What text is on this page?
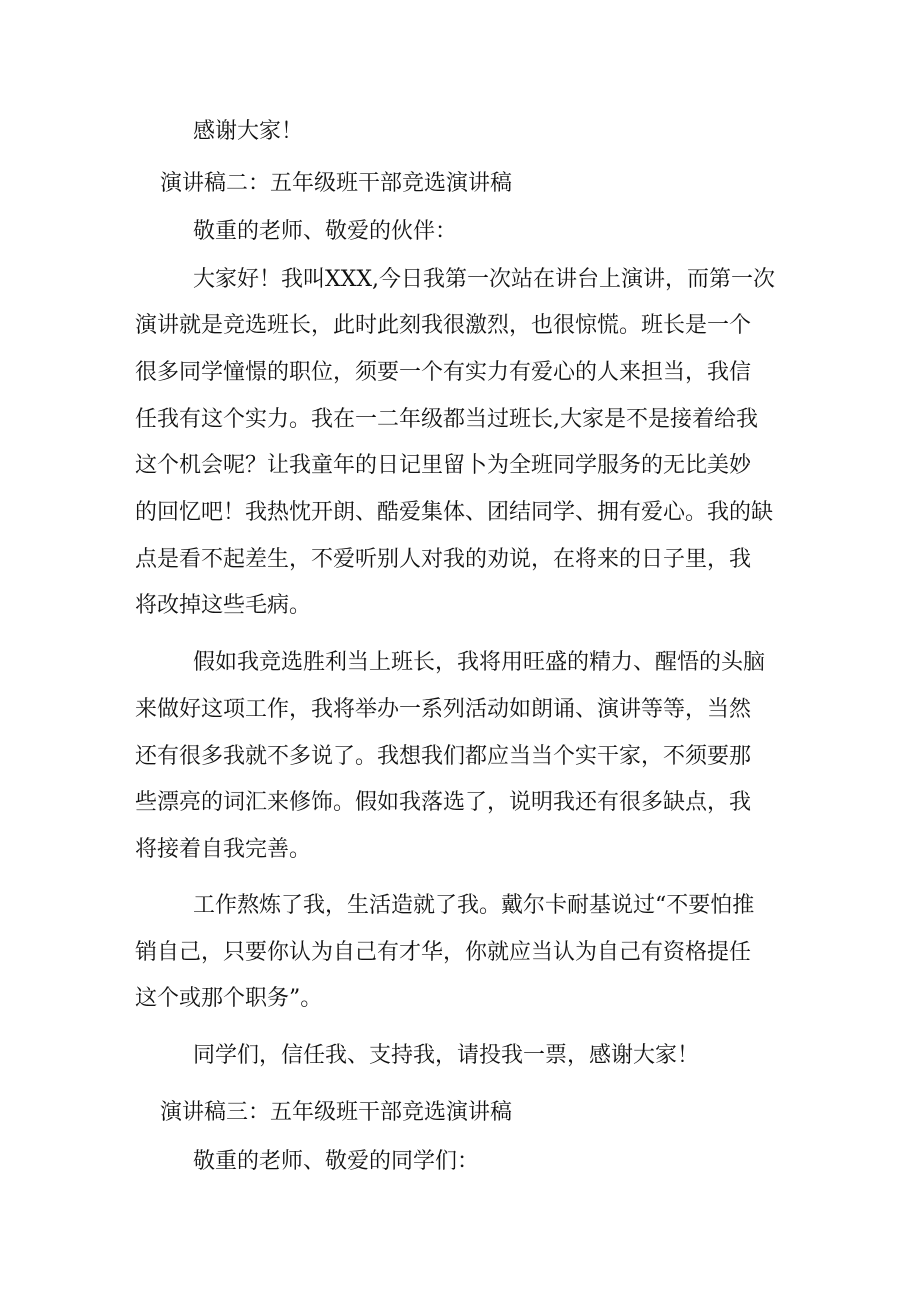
感谢大家！

演讲稿二：五年级班干部竞选演讲稿

敬重的老师、敬爱的伙伴：

大家好！我叫XXX,今日我第一次站在讲台上演讲，而第一次

演讲就是竞选班长，此时此刻我很激烈，也很惊慌。班长是一个

很多同学憧憬的职位，须要一个有实力有爱心的人来担当，我信

任我有这个实力。我在一二年级都当过班长,大家是不是接着给我

这个机会呢？让我童年的日记里留卜为全班同学服务的无比美妙

的回忆吧！我热忱开朗、酷爱集体、团结同学、拥有爱心。我的缺

点是看不起差生，不爱听别人对我的劝说，在将来的日子里，我

将改掉这些毛病。

假如我竞选胜利当上班长，我将用旺盛的精力、醒悟的头脑

来做好这项工作，我将举办一系列活动如朗诵、演讲等等，当然

还有很多我就不多说了。我想我们都应当当个实干家，不须要那

些漂亮的词汇来修饰。假如我落选了，说明我还有很多缺点，我

将接着自我完善。

工作熬炼了我，生活造就了我。戴尔卡耐基说过“不要怕推

销自己，只要你认为自己有才华，你就应当认为自己有资格提任

这个或那个职务”。

同学们，信任我、支持我，请投我一票，感谢大家！

演讲稿三：五年级班干部竞选演讲稿

敬重的老师、敬爱的同学们：
